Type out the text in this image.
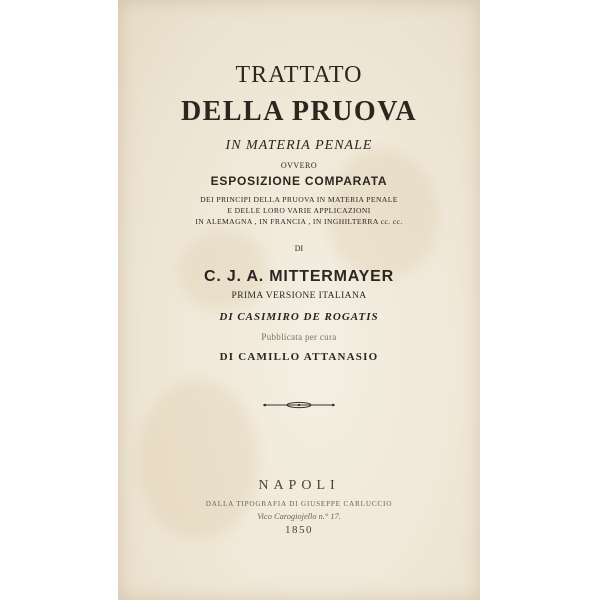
TRATTATO
DELLA PRUOVA
IN MATERIA PENALE
OVVERO
ESPOSIZIONE COMPARATA
DEI PRINCIPI DELLA PRUOVA IN MATERIA PENALE
E DELLE LORO VARIE APPLICAZIONI
IN ALEMAGNA , IN FRANCIA , IN INGHILTERRA cc. cc.
DI
C. J. A. MITTERMAYER
PRIMA VERSIONE ITALIANA
DI CASIMIRO DE ROGATIS
Pubblicata per cura
DI CAMILLO ATTANASIO
NAPOLI
DALLA TIPOGRAFIA DI GIUSEPPE CARLUCCIO
Vico Carogiojello n.° 17.
1850
